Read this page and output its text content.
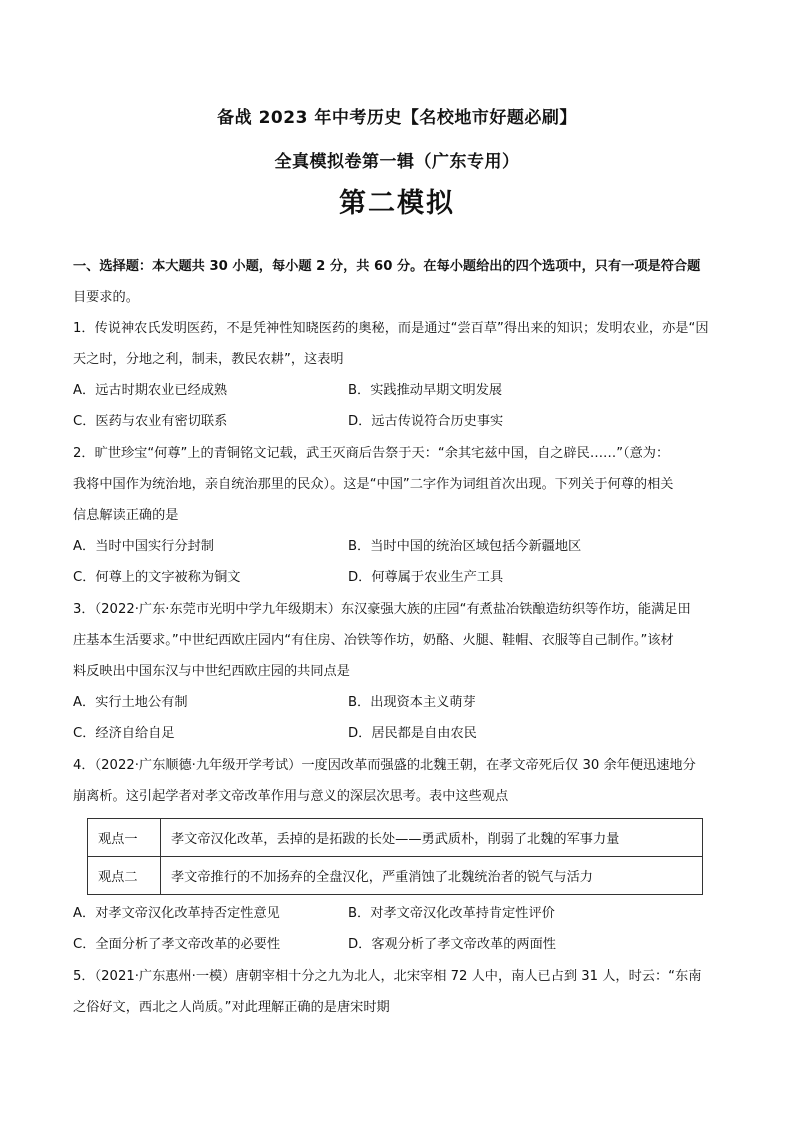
备战 2023 年中考历史【名校地市好题必刷】
全真模拟卷第一辑（广东专用）
第二模拟
一、选择题：本大题共 30 小题，每小题 2 分，共 60 分。在每小题给出的四个选项中，只有一项是符合题
目要求的。
1．传说神农氏发明医药，不是凭神性知晓医药的奥秘，而是通过“尝百草”得出来的知识；发明农业，亦是“因
天之时，分地之利，制耒，教民农耕”，这表明
A．远古时期农业已经成熟	B．实践推动早期文明发展
C．医药与农业有密切联系	D．远古传说符合历史事实
2．旷世珍宝“何尊”上的青铜铭文记载，武王灭商后告祭于天：“余其宅兹中国，自之辟民……”（意为：
我将中国作为统治地，亲自统治那里的民众）。这是“中国”二字作为词组首次出现。下列关于何尊的相关
信息解读正确的是
A．当时中国实行分封制	B．当时中国的统治区域包括今新疆地区
C．何尊上的文字被称为铜文	D．何尊属于农业生产工具
3．（2022·广东·东莞市光明中学九年级期末）东汉豪强大族的庄园“有煮盐冶铁酿造纺织等作坊，能满足田
庄基本生活要求。”中世纪西欧庄园内“有住房、冶铁等作坊，奶酪、火腿、鞋帽、衣服等自己制作。”该材
料反映出中国东汉与中世纪西欧庄园的共同点是
A．实行土地公有制	B．出现资本主义萌芽
C．经济自给自足	D．居民都是自由农民
4．（2022·广东顺德·九年级开学考试）一度因改革而强盛的北魏王朝，在孝文帝死后仅 30 余年便迅速地分
崩离析。这引起学者对孝文帝改革作用与意义的深层次思考。表中这些观点
观点一	孝文帝汉化改革，丢掉的是拓跋的长处——勇武质朴，削弱了北魏的军事力量
观点二	孝文帝推行的不加扬弃的全盘汉化，严重消蚀了北魏统治者的锐气与活力
A．对孝文帝汉化改革持否定性意见	B．对孝文帝汉化改革持肯定性评价
C．全面分析了孝文帝改革的必要性	D．客观分析了孝文帝改革的两面性
5．（2021·广东惠州·一模）唐朝宰相十分之九为北人，北宋宰相 72 人中，南人已占到 31 人，时云：“东南
之俗好文，西北之人尚质。”对此理解正确的是唐宋时期
